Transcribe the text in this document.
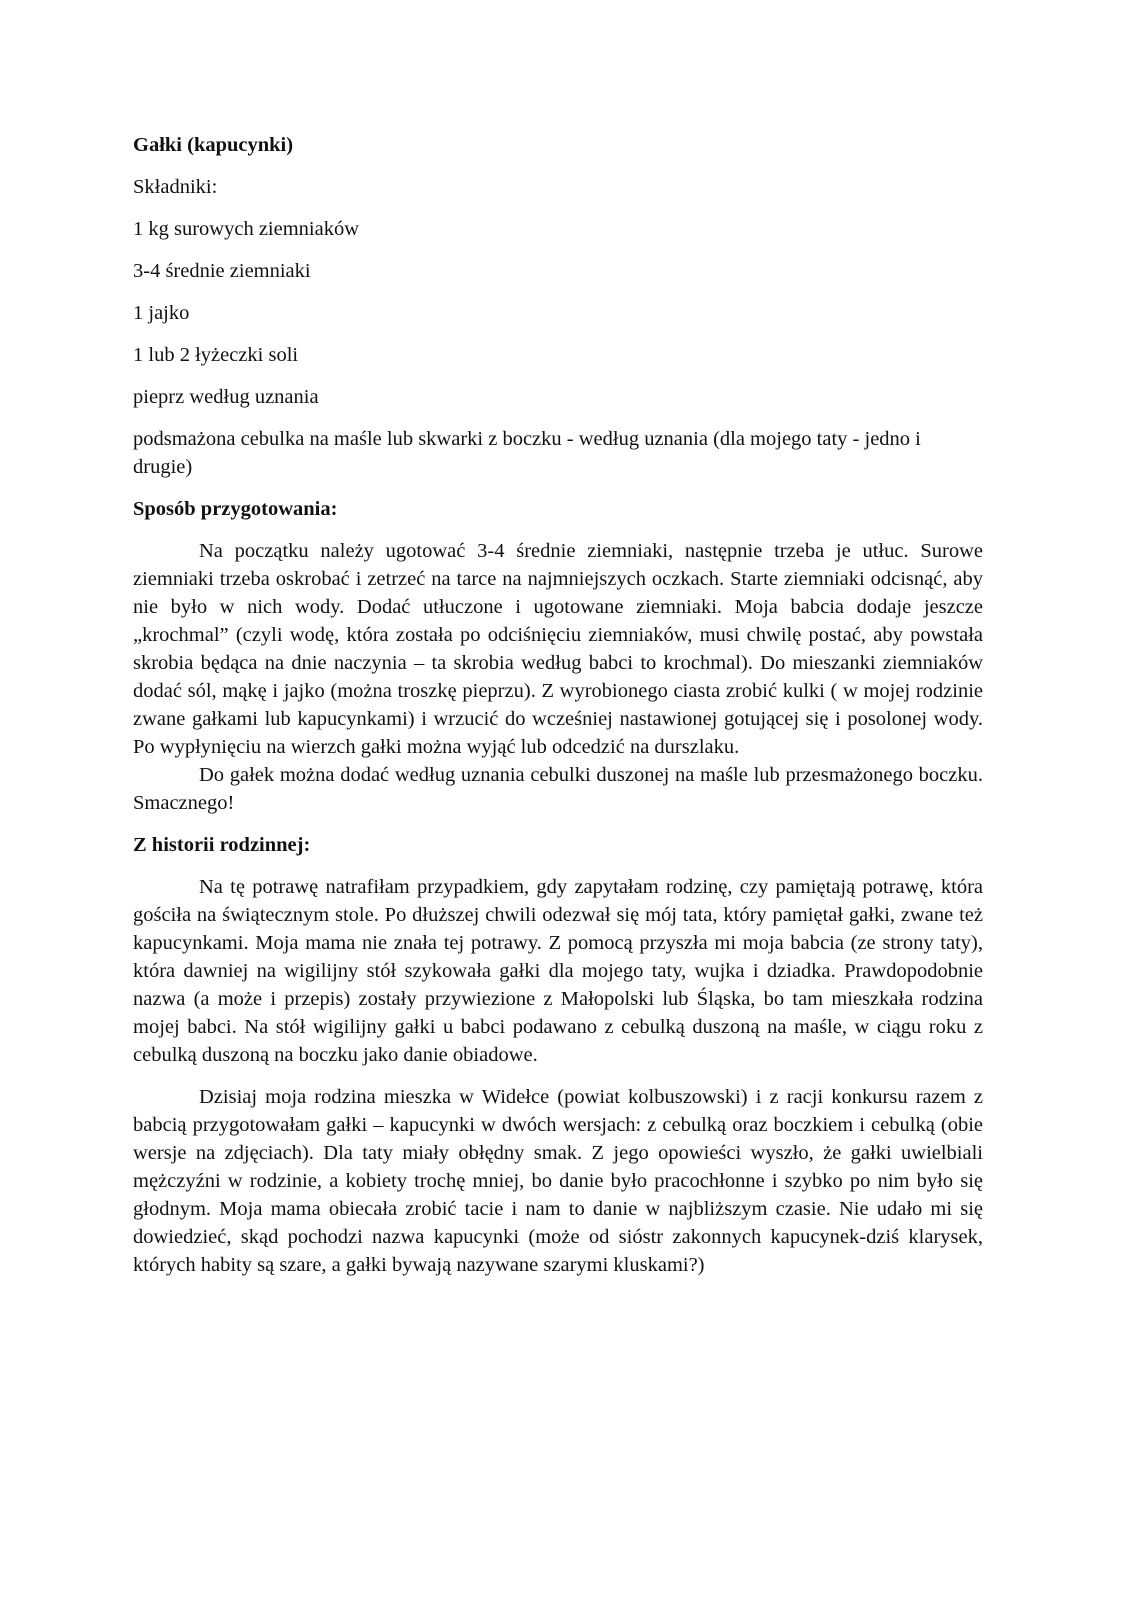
Gałki (kapucynki)
Składniki:
1 kg surowych ziemniaków
3-4 średnie ziemniaki
1 jajko
1 lub 2 łyżeczki soli
pieprz według uznania
podsmażona cebulka na maśle lub skwarki z boczku - według uznania (dla mojego taty - jedno i drugie)
Sposób przygotowania:

Na początku należy ugotować 3-4 średnie ziemniaki, następnie trzeba je utłuc. Surowe ziemniaki trzeba oskrobać i zetrzeć na tarce na najmniejszych oczkach. Starte ziemniaki odcisnąć, aby nie było w nich wody. Dodać utłuczone i ugotowane ziemniaki. Moja babcia dodaje jeszcze „krochmal” (czyli wodę, która została po odciśnięciu ziemniaków, musi chwilę postać, aby powstała skrobia będąca na dnie naczynia – ta skrobia według babci to krochmal). Do mieszanki ziemniaków dodać sól, mąkę i jajko (można troszkę pieprzu). Z wyrobionego ciasta zrobić kulki ( w mojej rodzinie zwane gałkami lub kapucynkami) i wrzucić do wcześniej nastawionej gotującej się i posolonej wody. Po wypłynięciu na wierzch gałki można wyjąć lub odcedzić na durszlaku.

Do gałek można dodać według uznania cebulki duszonej na maśle lub przesmażonego boczku. Smacznego!

Z historii rodzinnej:

Na tę potrawę natrafiłam przypadkiem, gdy zapytałam rodzinę, czy pamiętają potrawę, która gościła na świątecznym stole. Po dłuższej chwili odezwał się mój tata, który pamiętał gałki, zwane też kapucynkami. Moja mama nie znała tej potrawy. Z pomocą przyszła mi moja babcia (ze strony taty), która dawniej na wigilijny stół szykowała gałki dla mojego taty, wujka i dziadka. Prawdopodobnie nazwa (a może i przepis) zostały przywiezione z Małopolski lub Śląska, bo tam mieszkała rodzina mojej babci. Na stół wigilijny gałki u babci podawano z cebulką duszoną na maśle, w ciągu roku z cebulką duszoną na boczku jako danie obiadowe.

Dzisiaj moja rodzina mieszka w Widełce (powiat kolbuszowski) i z racji konkursu razem z babcią przygotowałam gałki – kapucynki w dwóch wersjach: z cebulką oraz boczkiem i cebulką (obie wersje na zdjęciach). Dla taty miały obłędny smak. Z jego opowieści wyszło, że gałki uwielbiali mężczyźni w rodzinie, a kobiety trochę mniej, bo danie było pracochłonne i szybko po nim było się głodnym. Moja mama obiecała zrobić tacie i nam to danie w najbliższym czasie. Nie udało mi się dowiedzieć, skąd pochodzi nazwa kapucynki (może od sióstr zakonnych kapucynek-dziś klarysek, których habity są szare, a gałki bywają nazywane szarymi kluskami?)
